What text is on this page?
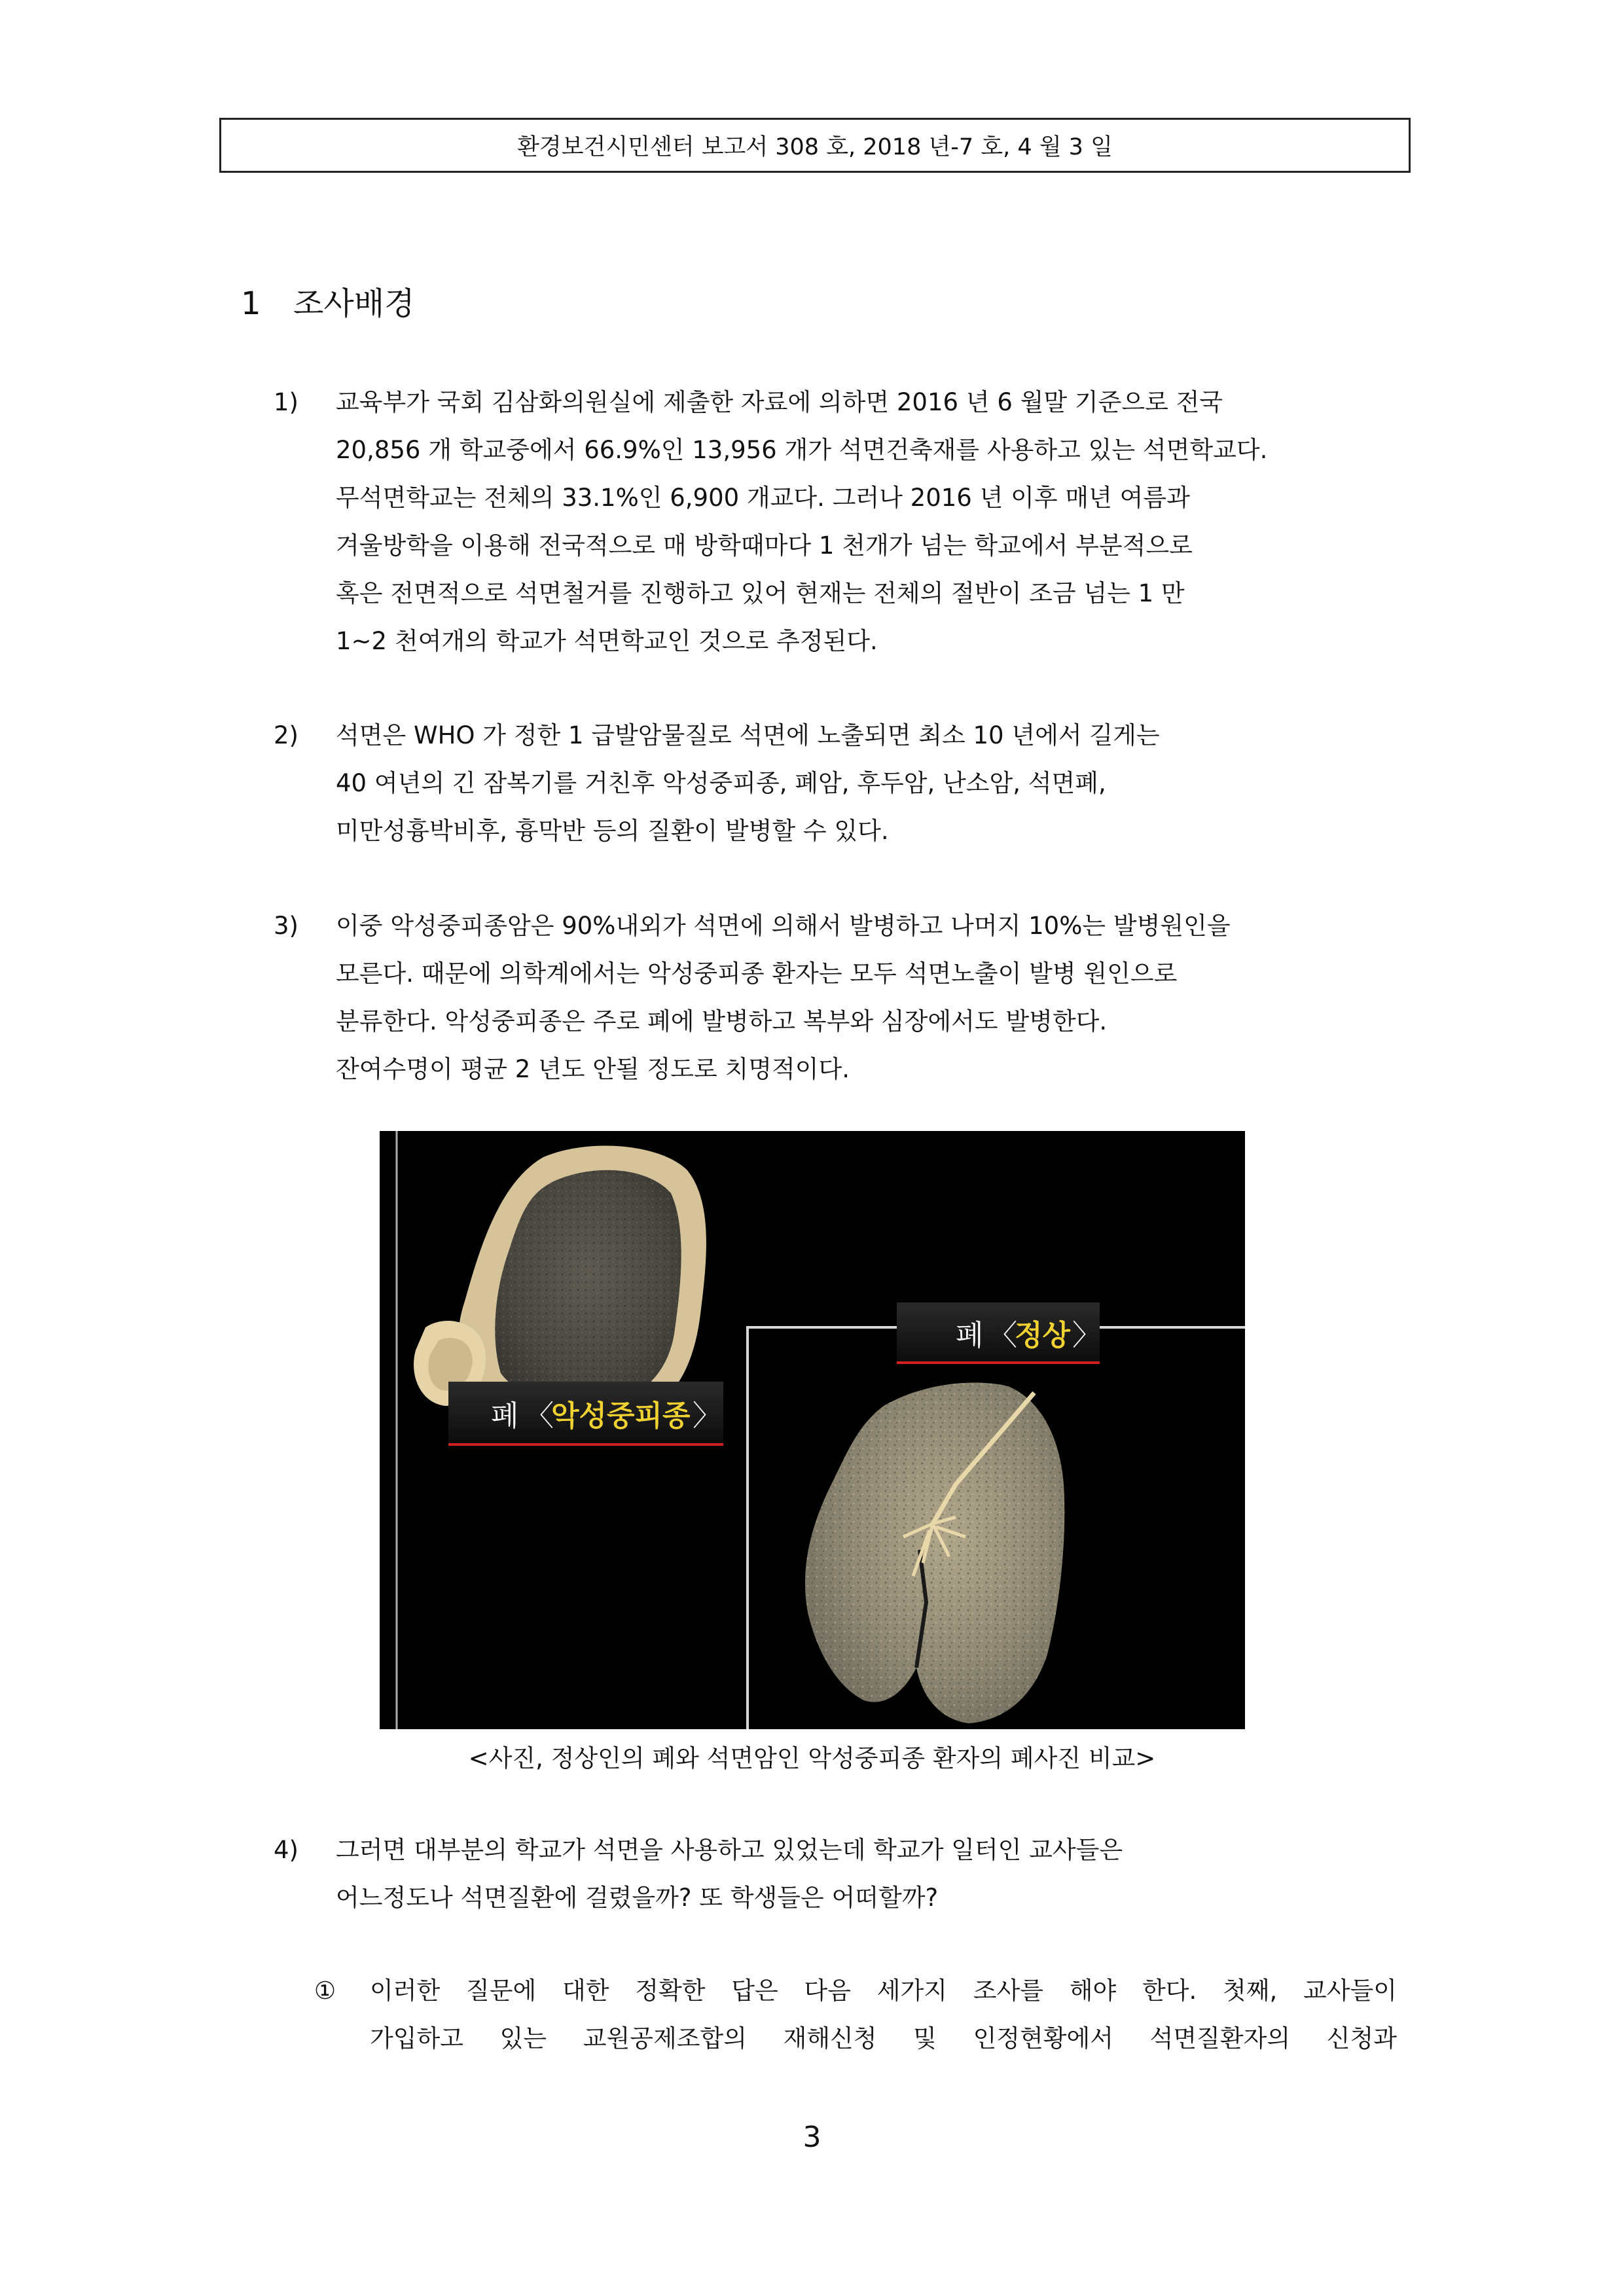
환경보건시민센터 보고서 308 호, 2018 년-7 호, 4 월 3 일
1 조사배경
1) 교육부가 국회 김삼화의원실에 제출한 자료에 의하면 2016 년 6 월말 기준으로 전국

20,856 개 학교중에서 66.9%인 13,956 개가 석면건축재를 사용하고 있는 석면학교다.

무석면학교는 전체의 33.1%인 6,900 개교다. 그러나 2016 년 이후 매년 여름과

겨울방학을 이용해 전국적으로 매 방학때마다 1 천개가 넘는 학교에서 부분적으로

혹은 전면적으로 석면철거를 진행하고 있어 현재는 전체의 절반이 조금 넘는 1 만

1~2 천여개의 학교가 석면학교인 것으로 추정된다.

2) 석면은 WHO 가 정한 1 급발암물질로 석면에 노출되면 최소 10 년에서 길게는

40 여년의 긴 잠복기를 거친후 악성중피종, 폐암, 후두암, 난소암, 석면폐,

미만성흉박비후, 흉막반 등의 질환이 발병할 수 있다.

3) 이중 악성중피종암은 90%내외가 석면에 의해서 발병하고 나머지 10%는 발병원인을

모른다. 때문에 의학계에서는 악성중피종 환자는 모두 석면노출이 발병 원인으로

분류한다. 악성중피종은 주로 폐에 발병하고 복부와 심장에서도 발병한다.

잔여수명이 평균 2 년도 안될 정도로 치명적이다.

폐 〈
악성중피종 〉
폐 〈
정상 〉
<사진, 정상인의 폐와 석면암인 악성중피종 환자의 폐사진 비교>
4) 그러면 대부분의 학교가 석면을 사용하고 있었는데 학교가 일터인 교사들은

어느정도나 석면질환에 걸렸을까? 또 학생들은 어떠할까?

① 이러한 질문에 대한 정확한 답은 다음 세가지 조사를 해야 한다. 첫째, 교사들이

가입하고 있는 교원공제조합의 재해신청 및 인정현황에서 석면질환자의 신청과

3
